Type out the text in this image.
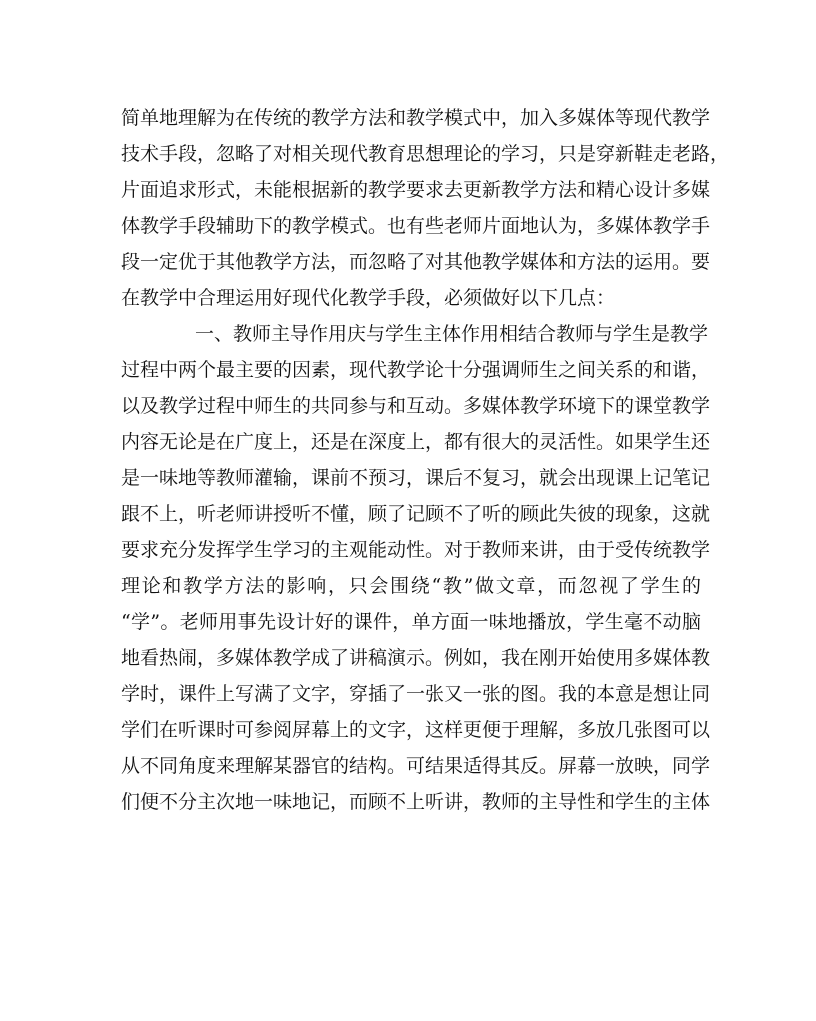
简单地理解为在传统的教学方法和教学模式中，加入多媒体等现代教学
技术手段，忽略了对相关现代教育思想理论的学习，只是穿新鞋走老路，
片面追求形式，未能根据新的教学要求去更新教学方法和精心设计多媒
体教学手段辅助下的教学模式。也有些老师片面地认为，多媒体教学手
段一定优于其他教学方法，而忽略了对其他教学媒体和方法的运用。要
在教学中合理运用好现代化教学手段，必须做好以下几点：
一、教师主导作用庆与学生主体作用相结合教师与学生是教学
过程中两个最主要的因素，现代教学论十分强调师生之间关系的和谐，
以及教学过程中师生的共同参与和互动。多媒体教学环境下的课堂教学
内容无论是在广度上，还是在深度上，都有很大的灵活性。如果学生还
是一味地等教师灌输，课前不预习，课后不复习，就会出现课上记笔记
跟不上，听老师讲授听不懂，顾了记顾不了听的顾此失彼的现象，这就
要求充分发挥学生学习的主观能动性。对于教师来讲，由于受传统教学
理论和教学方法的影响，只会围绕“教”做文章，而忽视了学生的
“学”。老师用事先设计好的课件，单方面一味地播放，学生毫不动脑
地看热闹，多媒体教学成了讲稿演示。例如，我在刚开始使用多媒体教
学时，课件上写满了文字，穿插了一张又一张的图。我的本意是想让同
学们在听课时可参阅屏幕上的文字，这样更便于理解，多放几张图可以
从不同角度来理解某器官的结构。可结果适得其反。屏幕一放映，同学
们便不分主次地一味地记，而顾不上听讲，教师的主导性和学生的主体
